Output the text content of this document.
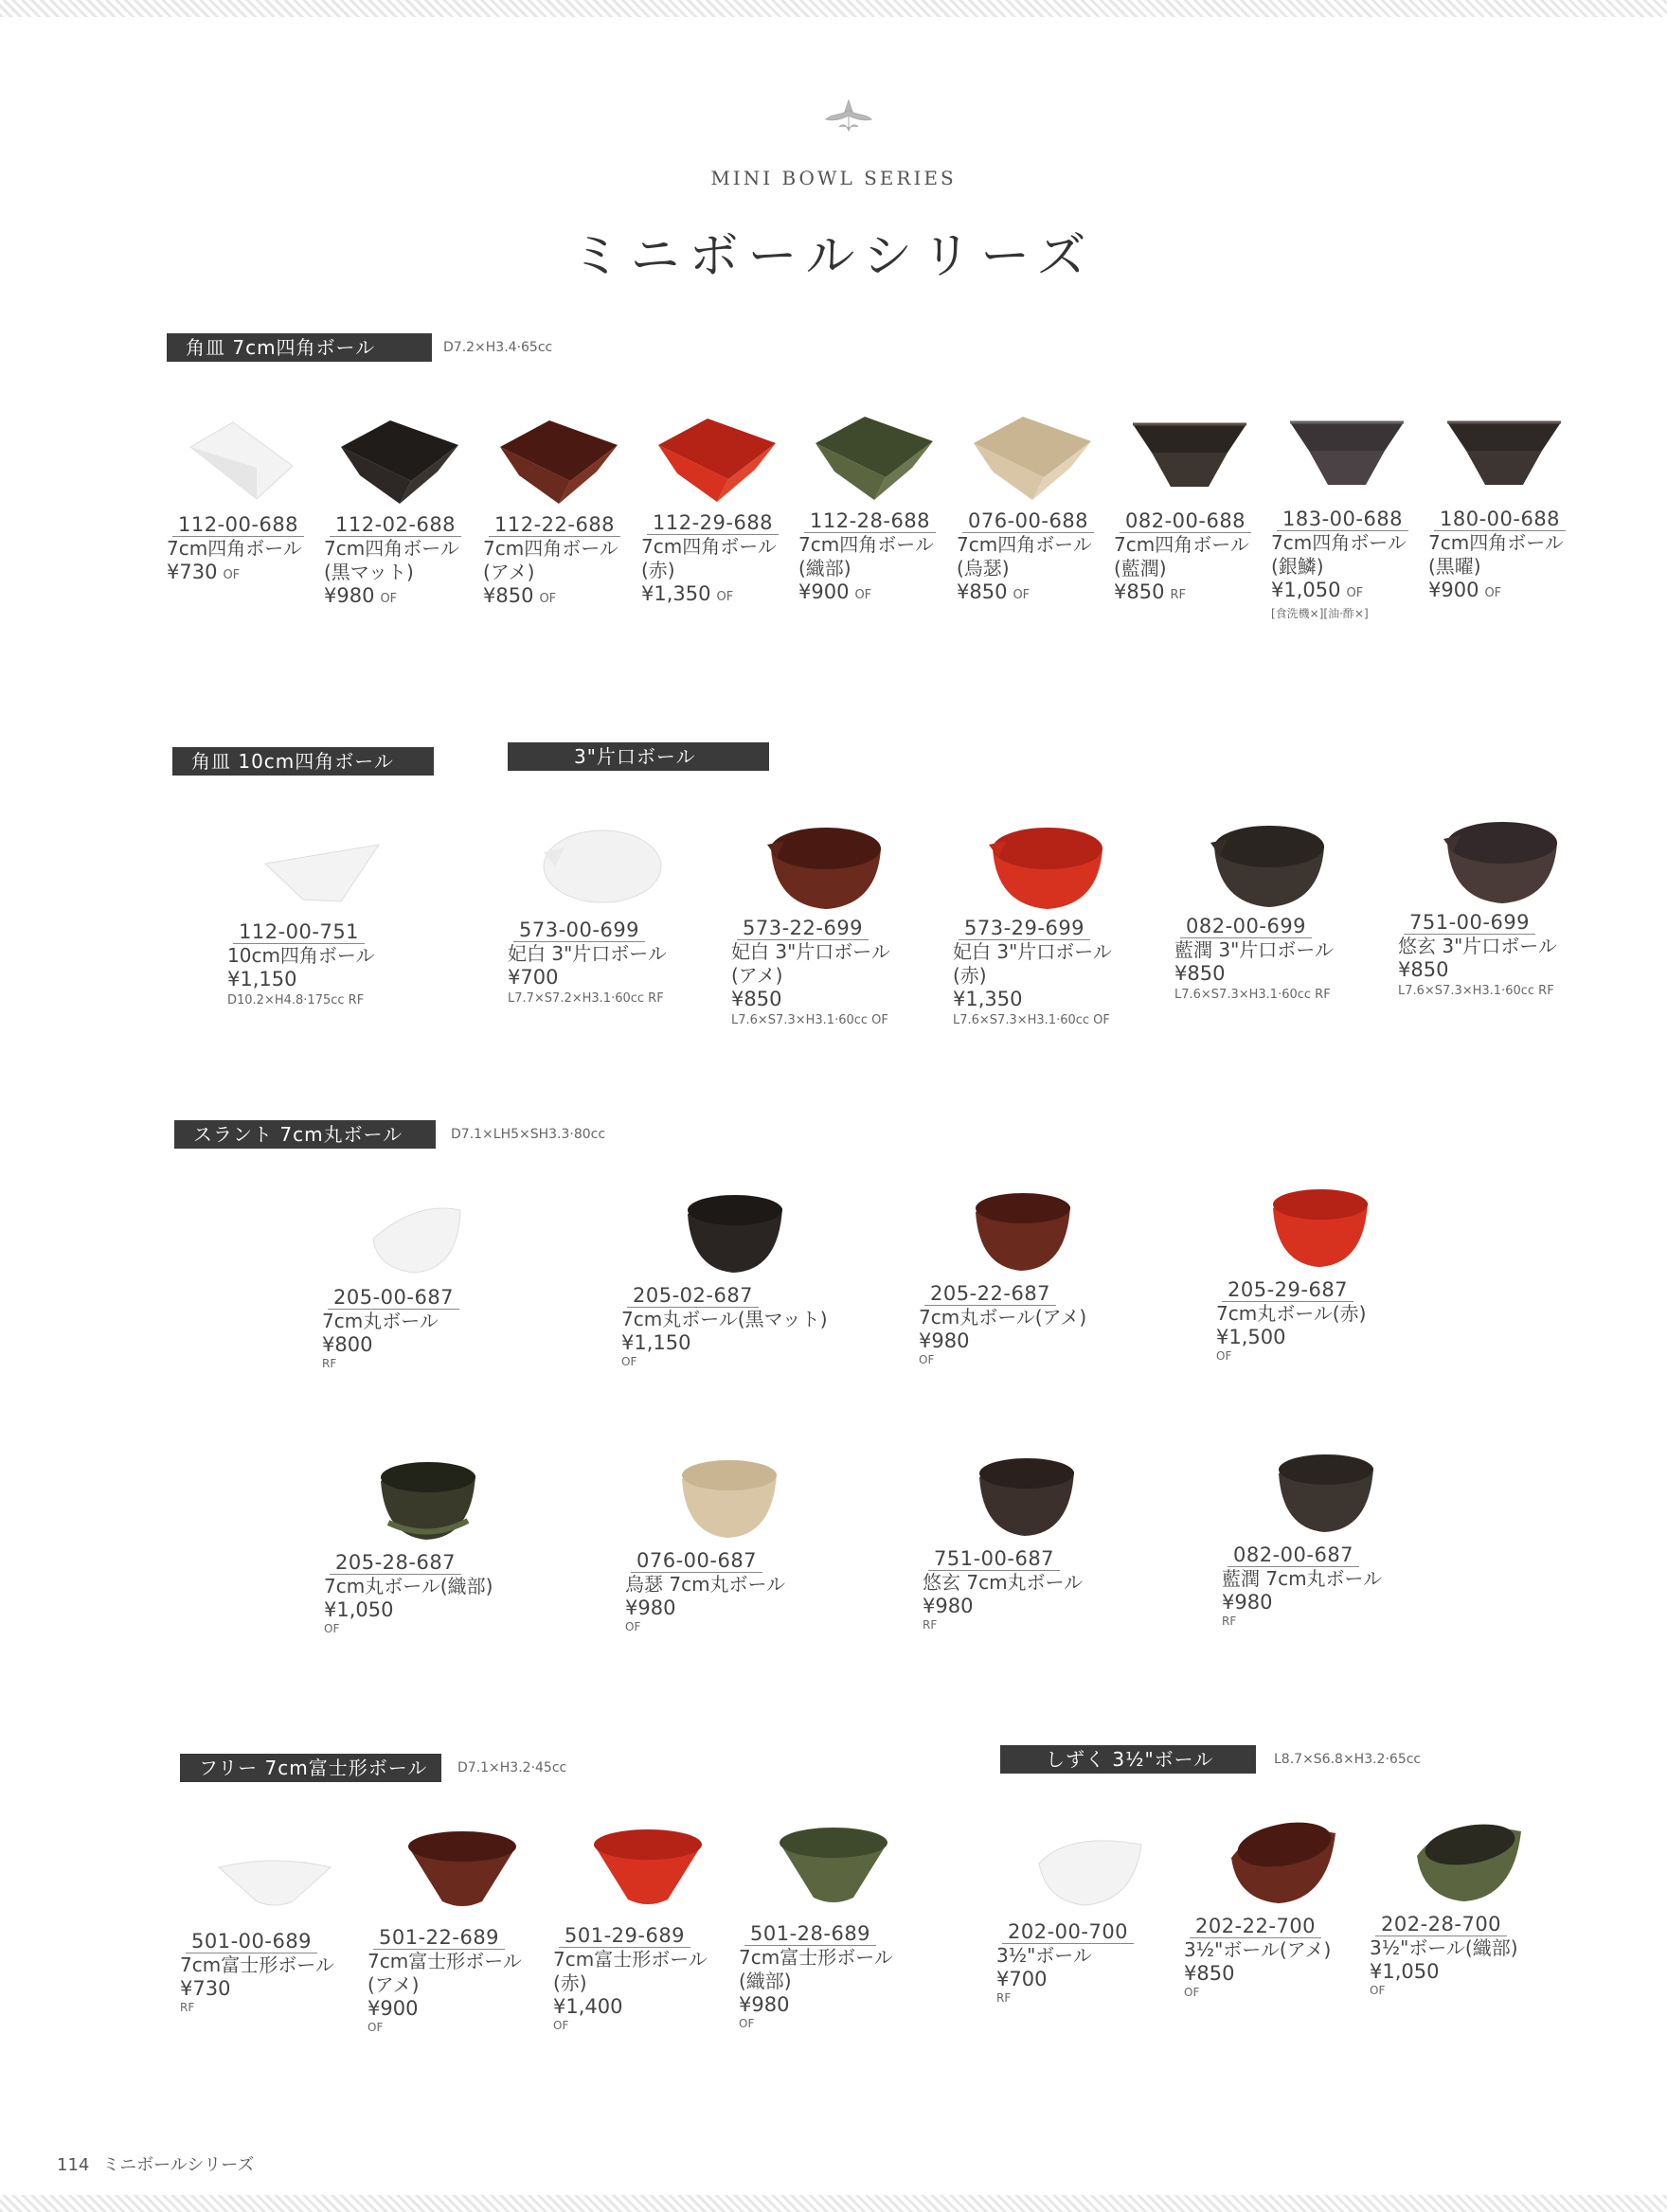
MINI BOWL SERIES
ミニボールシリーズ
角皿 7cm四角ボール	D7.2×H3.4·65cc
角皿 10cm四角ボール	3"片口ボール
スラント 7cm丸ボール	D7.1×LH5×SH3.3·80cc
フリー 7cm富士形ボール	D7.1×H3.2·45cc	しずく 3½"ボール	L8.7×S6.8×H3.2·65cc
112-00-688
7cm四角ボール
¥730 OF
112-02-688
7cm四角ボール
(黒マット)
¥980 OF
112-22-688
7cm四角ボール
(アメ)
¥850 OF
112-29-688
7cm四角ボール
(赤)
¥1,350 OF
112-28-688
7cm四角ボール
(織部)
¥900 OF
076-00-688
7cm四角ボール
(烏瑟)
¥850 OF
082-00-688
7cm四角ボール
(藍潤)
¥850 RF
183-00-688
7cm四角ボール
(銀鱗)
¥1,050 OF
[食洗機×][油·酢×]
180-00-688
7cm四角ボール
(黒曜)
¥900 OF
112-00-751
10cm四角ボール
¥1,150
D10.2×H4.8·175cc RF
573-00-699
妃白 3"片口ボール
¥700
L7.7×S7.2×H3.1·60cc RF
573-22-699
妃白 3"片口ボール
(アメ)
¥850
L7.6×S7.3×H3.1·60cc OF
573-29-699
妃白 3"片口ボール
(赤)
¥1,350
L7.6×S7.3×H3.1·60cc OF
082-00-699
藍潤 3"片口ボール
¥850
L7.6×S7.3×H3.1·60cc RF
751-00-699
悠玄 3"片口ボール
¥850
L7.6×S7.3×H3.1·60cc RF
205-00-687
7cm丸ボール
¥800
RF
205-02-687
7cm丸ボール(黒マット)
¥1,150
OF
205-22-687
7cm丸ボール(アメ)
¥980
OF
205-29-687
7cm丸ボール(赤)
¥1,500
OF
205-28-687
7cm丸ボール(織部)
¥1,050
OF
076-00-687
烏瑟 7cm丸ボール
¥980
OF
751-00-687
悠玄 7cm丸ボール
¥980
RF
082-00-687
藍潤 7cm丸ボール
¥980
RF
501-00-689
7cm富士形ボール
¥730
RF
501-22-689
7cm富士形ボール
(アメ)
¥900
OF
501-29-689
7cm富士形ボール
(赤)
¥1,400
OF
501-28-689
7cm富士形ボール
(織部)
¥980
OF
202-00-700
3½"ボール
¥700
RF
202-22-700
3½"ボール(アメ)
¥850
OF
202-28-700
3½"ボール(織部)
¥1,050
OF
114 ミニボールシリーズ
